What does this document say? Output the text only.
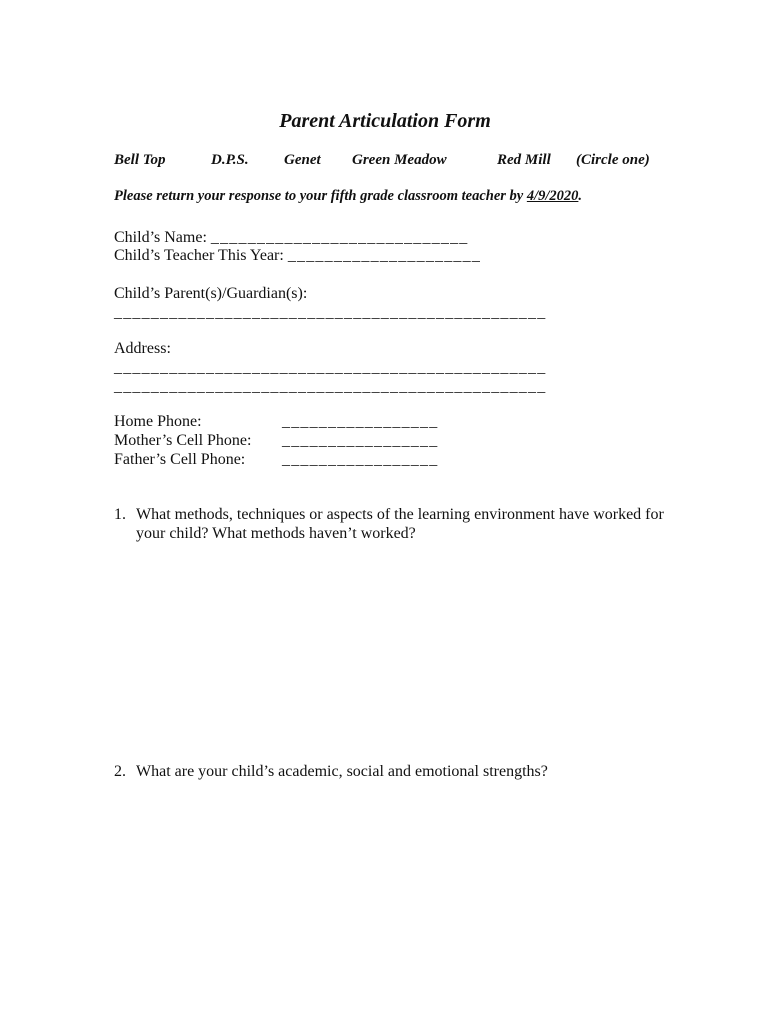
Parent Articulation Form
Bell Top	D.P.S. Genet Green Meadow	Red Mill (Circle one)
Please return your response to your fifth grade classroom teacher by 4/9/2020.
Child’s Name: ____________________________
Child’s Teacher This Year: _____________________
Child’s Parent(s)/Guardian(s):
_______________________________________________
Address:
_______________________________________________
_______________________________________________
Home Phone:	_________________
Mother’s Cell Phone: _________________
Father’s Cell Phone: _________________
1. What methods, techniques or aspects of the learning environment have worked for your child? What methods haven’t worked?
2. What are your child’s academic, social and emotional strengths?
